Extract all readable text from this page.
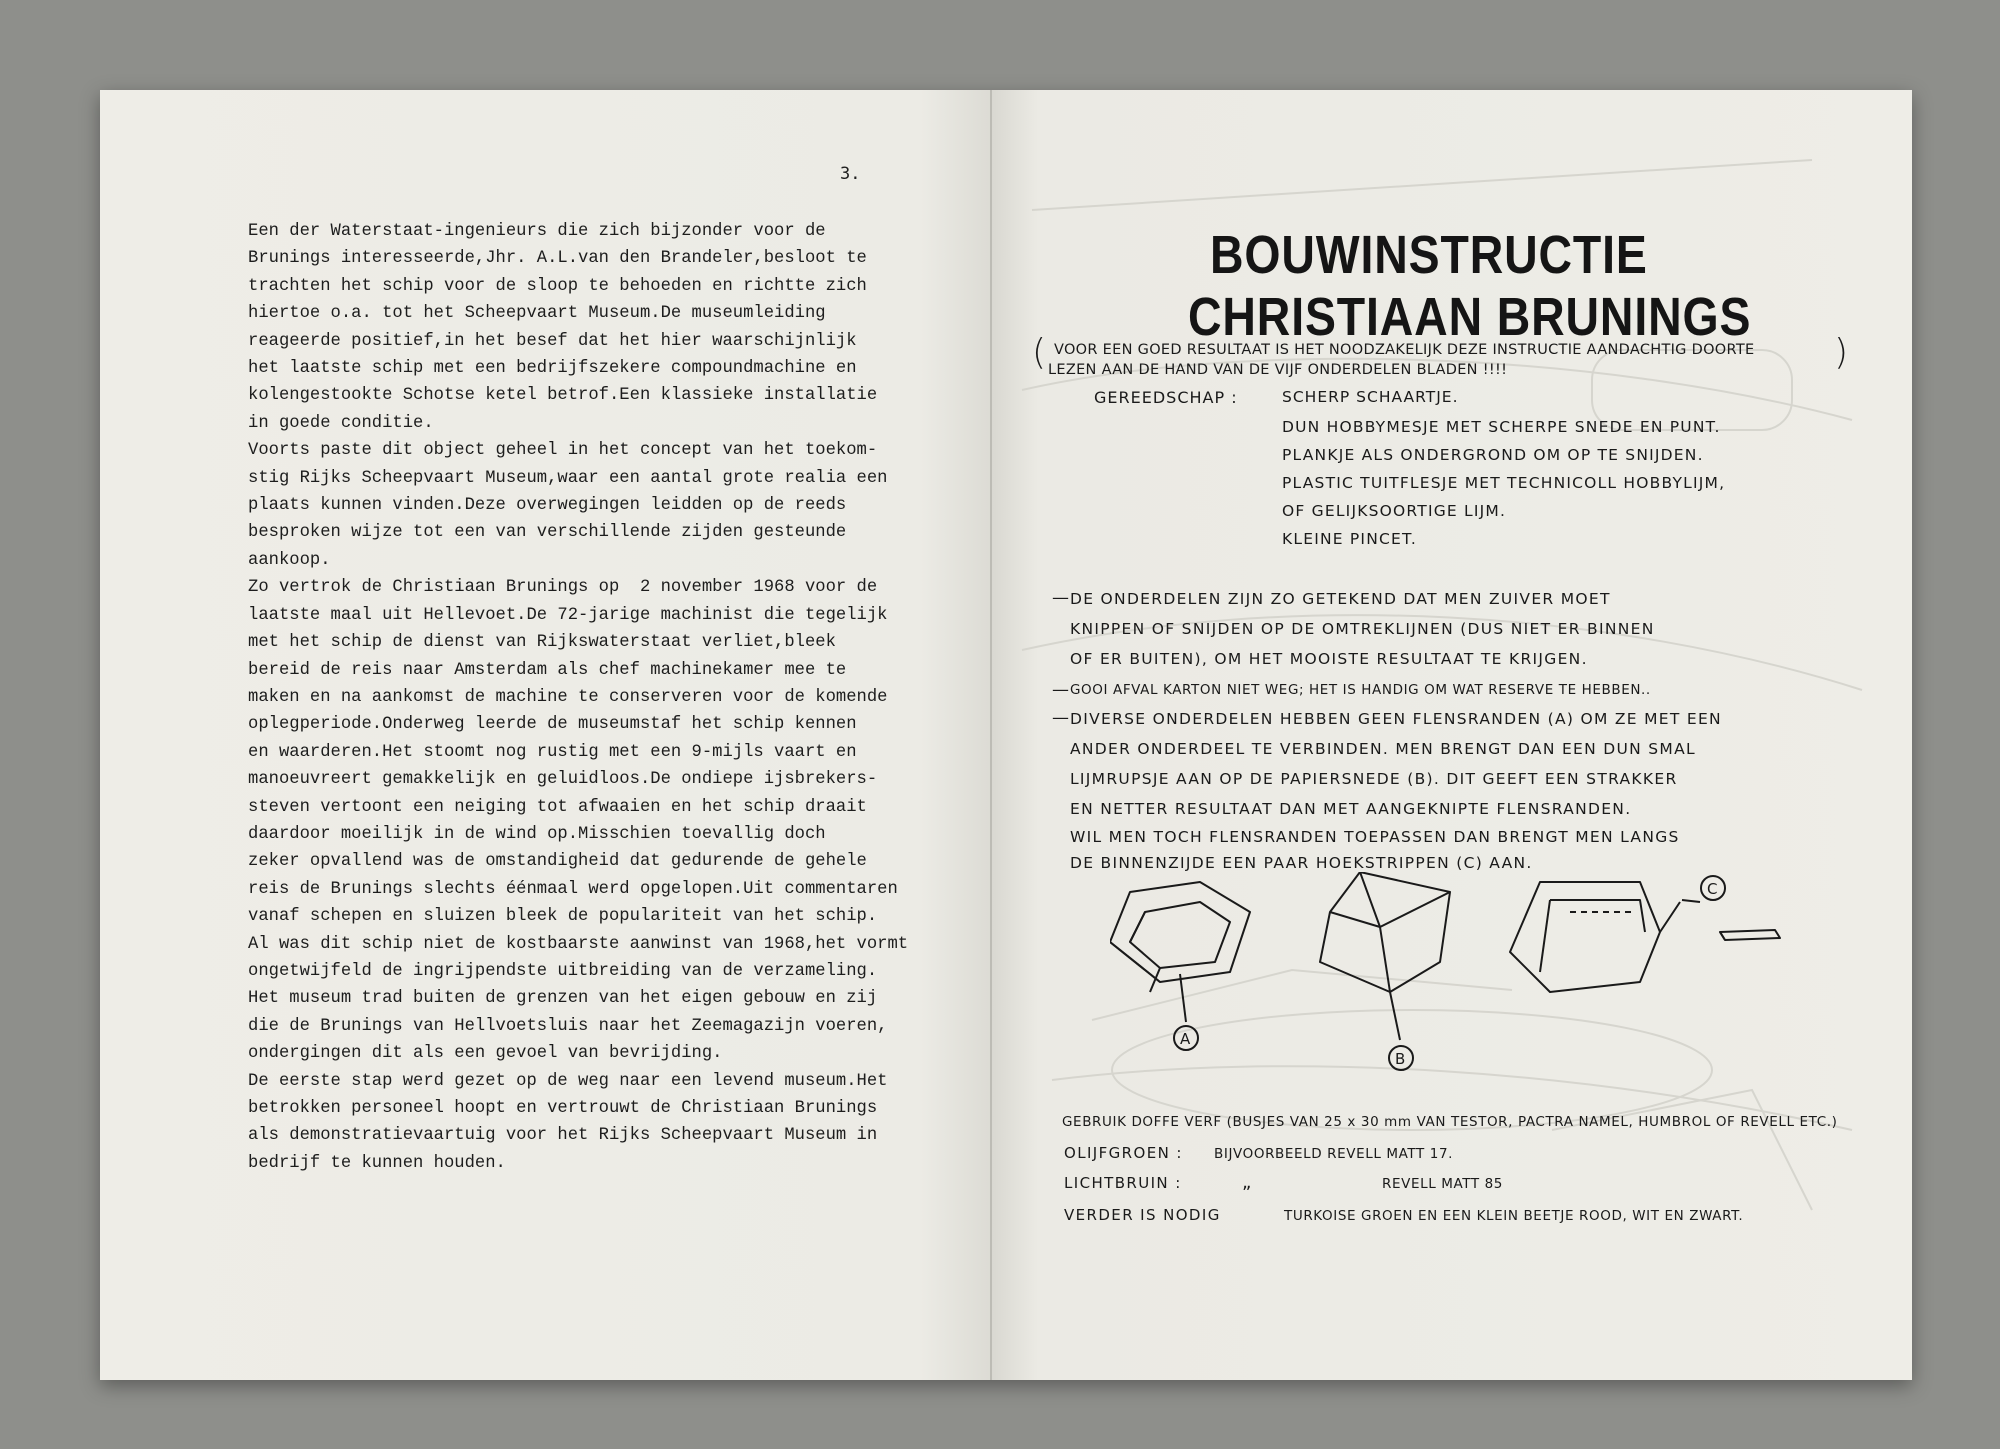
3.
Een der Waterstaat-ingenieurs die zich bijzonder voor de
Brunings interesseerde,Jhr. A.L.van den Brandeler,besloot te
trachten het schip voor de sloop te behoeden en richtte zich
hiertoe o.a. tot het Scheepvaart Museum.De museumleiding
reageerde positief,in het besef dat het hier waarschijnlijk
het laatste schip met een bedrijfszekere compoundmachine en
kolengestookte Schotse ketel betrof.Een klassieke installatie
in goede conditie.
Voorts paste dit object geheel in het concept van het toekom-
stig Rijks Scheepvaart Museum,waar een aantal grote realia een
plaats kunnen vinden.Deze overwegingen leidden op de reeds
besproken wijze tot een van verschillende zijden gesteunde
aankoop.
Zo vertrok de Christiaan Brunings op  2 november 1968 voor de
laatste maal uit Hellevoet.De 72-jarige machinist die tegelijk
met het schip de dienst van Rijkswaterstaat verliet,bleek
bereid de reis naar Amsterdam als chef machinekamer mee te
maken en na aankomst de machine te conserveren voor de komende
oplegperiode.Onderweg leerde de museumstaf het schip kennen
en waarderen.Het stoomt nog rustig met een 9-mijls vaart en
manoeuvreert gemakkelijk en geluidloos.De ondiepe ijsbrekers-
steven vertoont een neiging tot afwaaien en het schip draait
daardoor moeilijk in de wind op.Misschien toevallig doch
zeker opvallend was de omstandigheid dat gedurende de gehele
reis de Brunings slechts éénmaal werd opgelopen.Uit commentaren
vanaf schepen en sluizen bleek de populariteit van het schip.
Al was dit schip niet de kostbaarste aanwinst van 1968,het vormt
ongetwijfeld de ingrijpendste uitbreiding van de verzameling.
Het museum trad buiten de grenzen van het eigen gebouw en zij
die de Brunings van Hellvoetsluis naar het Zeemagazijn voeren,
ondergingen dit als een gevoel van bevrijding.
De eerste stap werd gezet op de weg naar een levend museum.Het
betrokken personeel hoopt en vertrouwt de Christiaan Brunings
als demonstratievaartuig voor het Rijks Scheepvaart Museum in
bedrijf te kunnen houden.
BOUWINSTRUCTIE
CHRISTIAAN BRUNINGS
( VOOR EEN GOED RESULTAAT IS HET NOODZAKELIJK DEZE INSTRUCTIE AANDACHTIG DOORTE
LEZEN AAN DE HAND VAN DE VIJF ONDERDELEN BLADEN !!!!	)
GEREEDSCHAP :	SCHERP SCHAARTJE.
DUN HOBBYMESJE MET SCHERPE SNEDE EN PUNT.
PLANKJE ALS ONDERGROND OM OP TE SNIJDEN.
PLASTIC TUITFLESJE MET TECHNICOLL HOBBYLIJM,
OF GELIJKSOORTIGE LIJM.
KLEINE PINCET.
— DE ONDERDELEN ZIJN ZO GETEKEND DAT MEN ZUIVER MOET
KNIPPEN OF SNIJDEN OP DE OMTREKLIJNEN (DUS NIET ER BINNEN
OF ER BUITEN), OM HET MOOISTE RESULTAAT TE KRIJGEN.
— GOOI AFVAL KARTON NIET WEG; HET IS HANDIG OM WAT RESERVE TE HEBBEN..
— DIVERSE ONDERDELEN HEBBEN GEEN FLENSRANDEN (A) OM ZE MET EEN
ANDER ONDERDEEL TE VERBINDEN. MEN BRENGT DAN EEN DUN SMAL
LIJMRUPSJE AAN OP DE PAPIERSNEDE (B). DIT GEEFT EEN STRAKKER
EN NETTER RESULTAAT DAN MET AANGEKNIPTE FLENSRANDEN.
WIL MEN TOCH FLENSRANDEN TOEPASSEN DAN BRENGT MEN LANGS
DE BINNENZIJDE EEN PAAR HOEKSTRIPPEN (C) AAN.
A
B
C
GEBRUIK DOFFE VERF (BUSJES VAN 25 x 30 mm VAN TESTOR, PACTRA NAMEL, HUMBROL OF REVELL ETC.)
OLIJFGROEN : BIJVOORBEELD REVELL MATT 17.
LICHTBRUIN :	„	REVELL MATT 85
VERDER IS NODIG	TURKOISE GROEN EN EEN KLEIN BEETJE ROOD, WIT EN ZWART.
